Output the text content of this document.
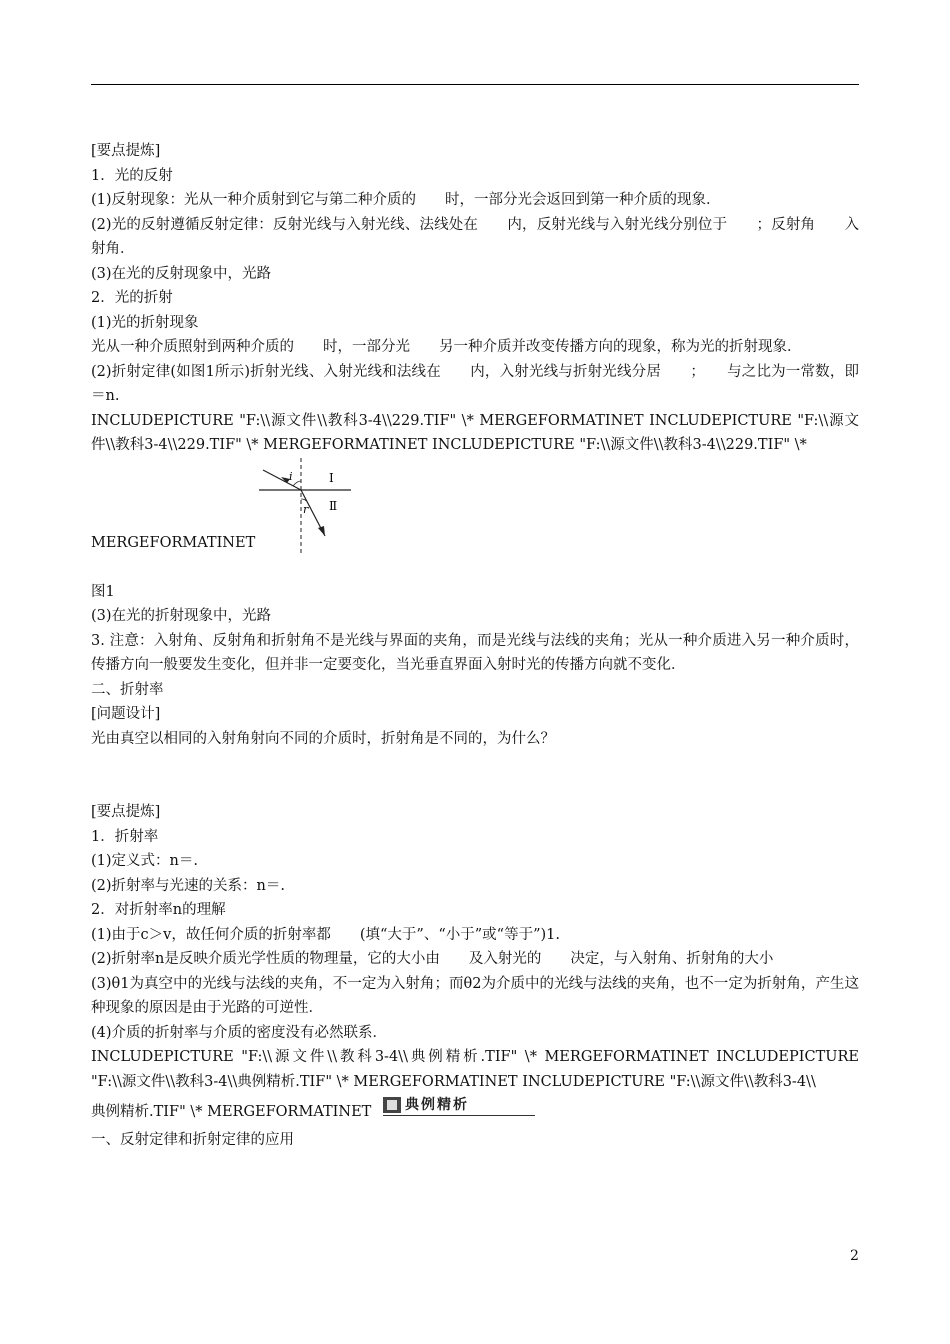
[要点提炼]
1．光的反射
(1)反射现象：光从一种介质射到它与第二种介质的　　时，一部分光会返回到第一种介质的现象．
(2)光的反射遵循反射定律：反射光线与入射光线、法线处在　　内，反射光线与入射光线分别位于　　；反射角　　入射角．
(3)在光的反射现象中，光路
2．光的折射
(1)光的折射现象
光从一种介质照射到两种介质的　　时，一部分光　　另一种介质并改变传播方向的现象，称为光的折射现象．
(2)折射定律(如图1所示)折射光线、入射光线和法线在　　内，入射光线与折射光线分居　　；　　与之比为一常数，即＝n.
INCLUDEPICTURE "F:\\源文件\\教科3-4\\229.TIF" \* MERGEFORMATINET INCLUDEPICTURE "F:\\源文件\\教科3-4\\229.TIF" \* MERGEFORMATINET INCLUDEPICTURE "F:\\源文件\\教科3-4\\229.TIF" \*
MERGEFORMATINET
i
r
Ⅰ
Ⅱ
图1
(3)在光的折射现象中，光路
3. 注意：入射角、反射角和折射角不是光线与界面的夹角，而是光线与法线的夹角；光从一种介质进入另一种介质时，传播方向一般要发生变化，但并非一定要变化，当光垂直界面入射时光的传播方向就不变化．
二、折射率
[问题设计]
光由真空以相同的入射角射向不同的介质时，折射角是不同的，为什么？
[要点提炼]
1．折射率
(1)定义式：n＝.
(2)折射率与光速的关系：n＝.
2．对折射率n的理解
(1)由于c＞v，故任何介质的折射率都　　(填“大于”、“小于”或“等于”)1.
(2)折射率n是反映介质光学性质的物理量，它的大小由　　及入射光的　　决定，与入射角、折射角的大小
(3)θ1为真空中的光线与法线的夹角，不一定为入射角；而θ2为介质中的光线与法线的夹角，也不一定为折射角，产生这种现象的原因是由于光路的可逆性．
(4)介质的折射率与介质的密度没有必然联系．
INCLUDEPICTURE "F:\\源文件\\教科3-4\\典例精析.TIF" \* MERGEFORMATINET INCLUDEPICTURE "F:\\源文件\\教科3-4\\典例精析.TIF" \* MERGEFORMATINET INCLUDEPICTURE "F:\\源文件\\教科3-4\\
典例精析.TIF" \* MERGEFORMATINET 典例精析
一、反射定律和折射定律的应用
2
